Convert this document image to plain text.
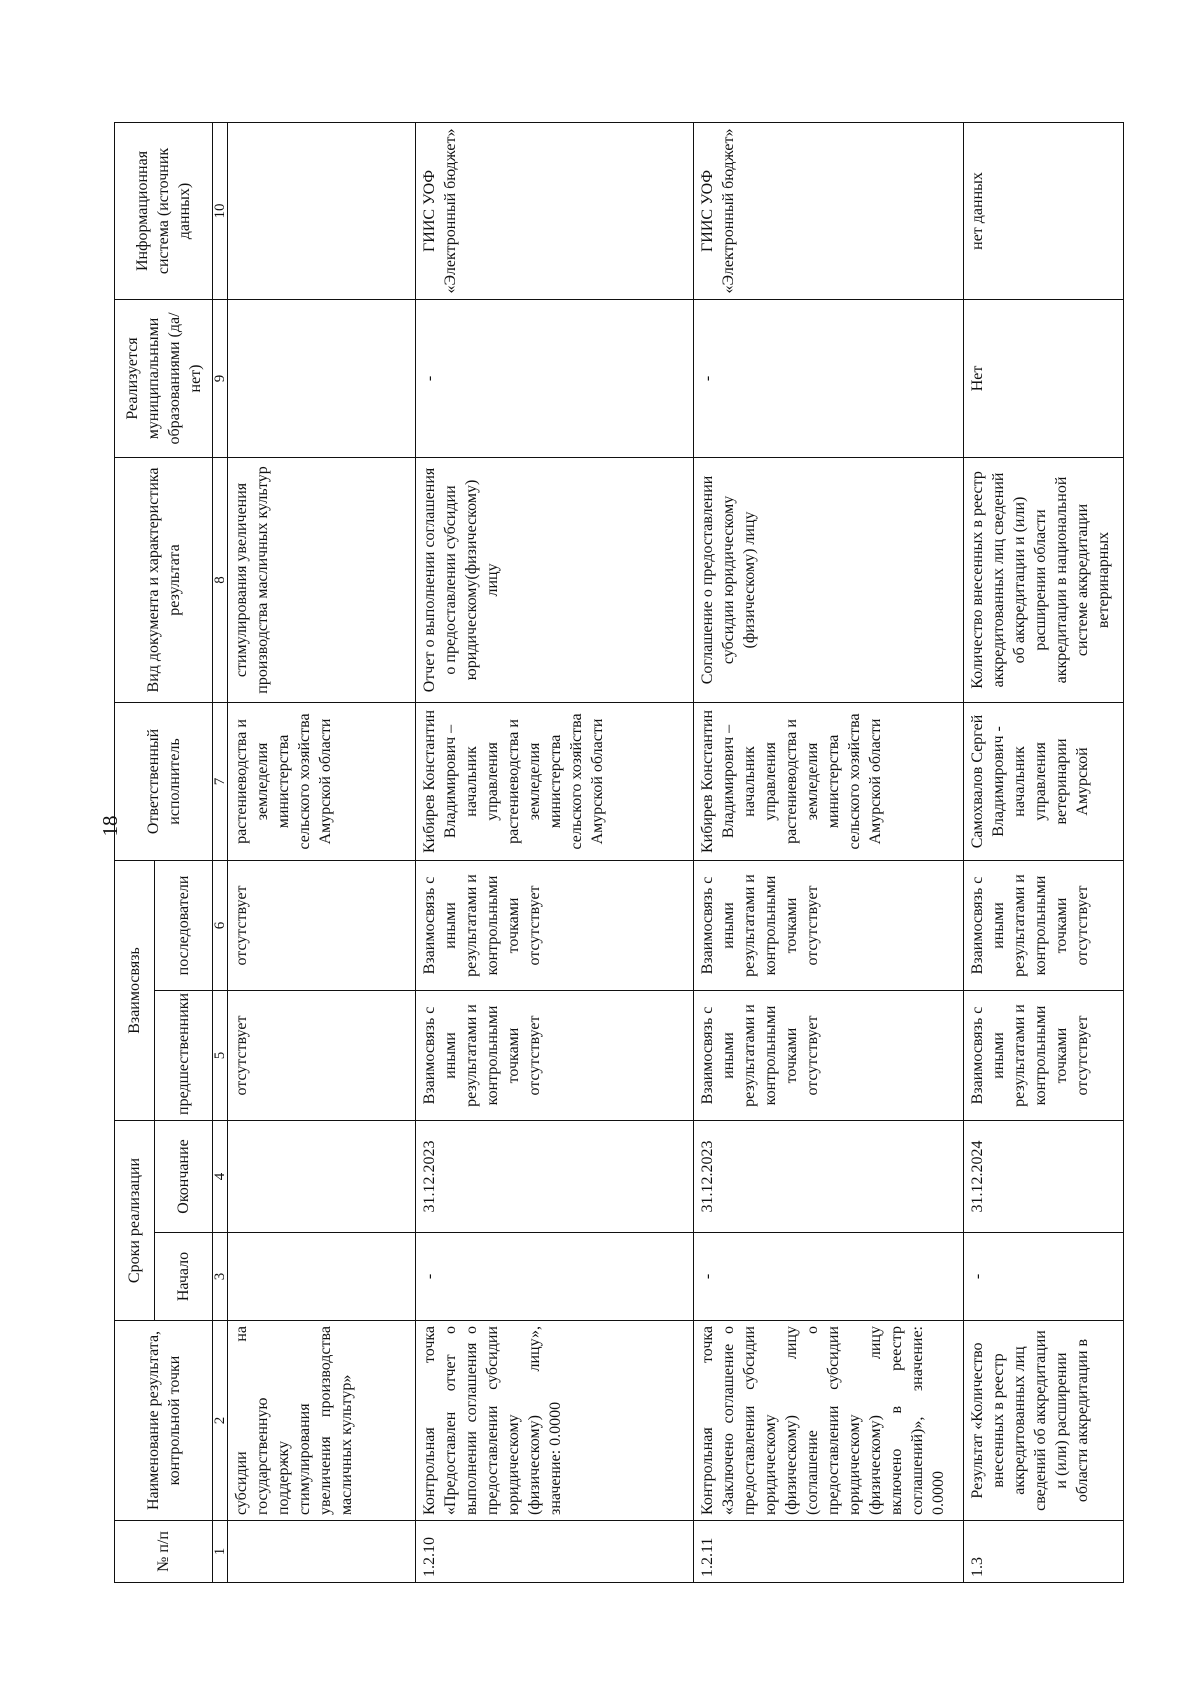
18
№ п/п	Наименование результата, контрольной точки	Сроки реализации		Взаимосвязь		Ответственный исполнитель	Вид документа и характеристика результата	Реализуется муниципальными образованиями (да/нет)	Информационная система (источник данных)
		Начало	Окончание	предшественники	последователи				
1	2	3	4	5	6	7	8	9	10
	субсидии на государственную поддержку стимулирования увеличения производства масличных культур»			отсутствует	отсутствует	растениеводства и земледелия министерства сельского хозяйства Амурской области	стимулирования увеличения производства масличных культур		
1.2.10	Контрольная точка «Предоставлен отчет о выполнении соглашения о предоставлении субсидии юридическому (физическому) лицу», значение: 0.0000	-	31.12.2023	Взаимосвязь с иными результатами и контрольными точками отсутствует	Взаимосвязь с иными результатами и контрольными точками отсутствует	Кибирев Константин Владимирович – начальник управления растениеводства и земледелия министерства сельского хозяйства Амурской области	Отчет о выполнении соглашения о предоставлении субсидии юридическому(физическому) лицу	-	ГИИС УОФ «Электронный бюджет»
1.2.11	Контрольная точка «Заключено соглашение о предоставлении субсидии юридическому (физическому) лицу (соглашение о предоставлении субсидии юридическому (физическому) лицу включено в реестр соглашений)», значение: 0.0000	-	31.12.2023	Взаимосвязь с иными результатами и контрольными точками отсутствует	Взаимосвязь с иными результатами и контрольными точками отсутствует	Кибирев Константин Владимирович – начальник управления растениеводства и земледелия министерства сельского хозяйства Амурской области	Соглашение о предоставлении субсидии юридическому (физическому) лицу	-	ГИИС УОФ «Электронный бюджет»
1.3	Результат «Количество внесенных в реестр аккредитованных лиц сведений об аккредитации и (или) расширении области аккредитации в	-	31.12.2024	Взаимосвязь с иными результатами и контрольными точками отсутствует	Взаимосвязь с иными результатами и контрольными точками отсутствует	Самохвалов Сергей Владимирович - начальник управления ветеринарии Амурской	Количество внесенных в реестр аккредитованных лиц сведений об аккредитации и (или) расширении области аккредитации в национальной системе аккредитации ветеринарных	Нет	нет данных
